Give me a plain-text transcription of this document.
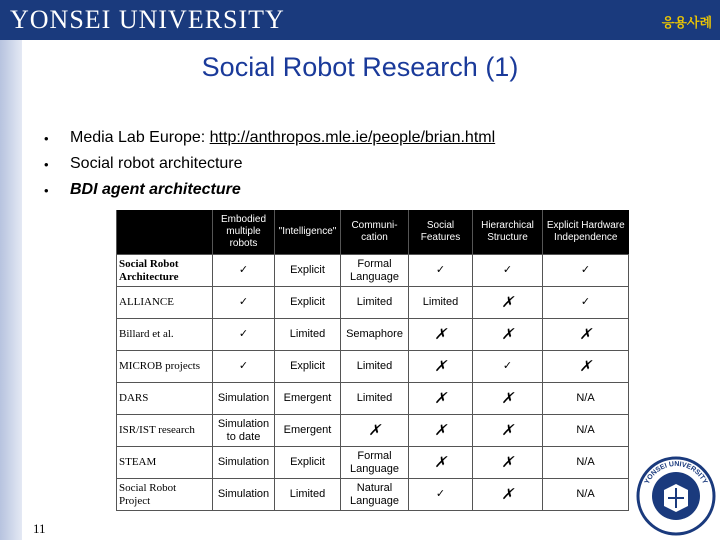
YONSEI UNIVERSITY	응용사례
Social Robot Research (1)
•	Media Lab Europe: http://anthropos.mle.ie/people/brian.html
•	Social robot architecture
•	BDI agent architecture
	Embodied multiple robots	"Intelligence"	Communi- cation	Social Features	Hierarchical Structure	Explicit Hardware Independence
Social Robot Architecture	✓	Explicit	Formal Language	✓	✓	✓
ALLIANCE	✓	Explicit	Limited	Limited	✗	✓
Billard et al.	✓	Limited	Semaphore	✗	✗	✗
MICROB projects	✓	Explicit	Limited	✗	✓	✗
DARS	Simulation	Emergent	Limited	✗	✗	N/A
ISR/IST research	Simulation to date	Emergent	✗	✗	✗	N/A
STEAM	Simulation	Explicit	Formal Language	✗	✗	N/A
Social Robot Project	Simulation	Limited	Natural Language	✓	✗	N/A
11
YONSEI UNIVERSITY
